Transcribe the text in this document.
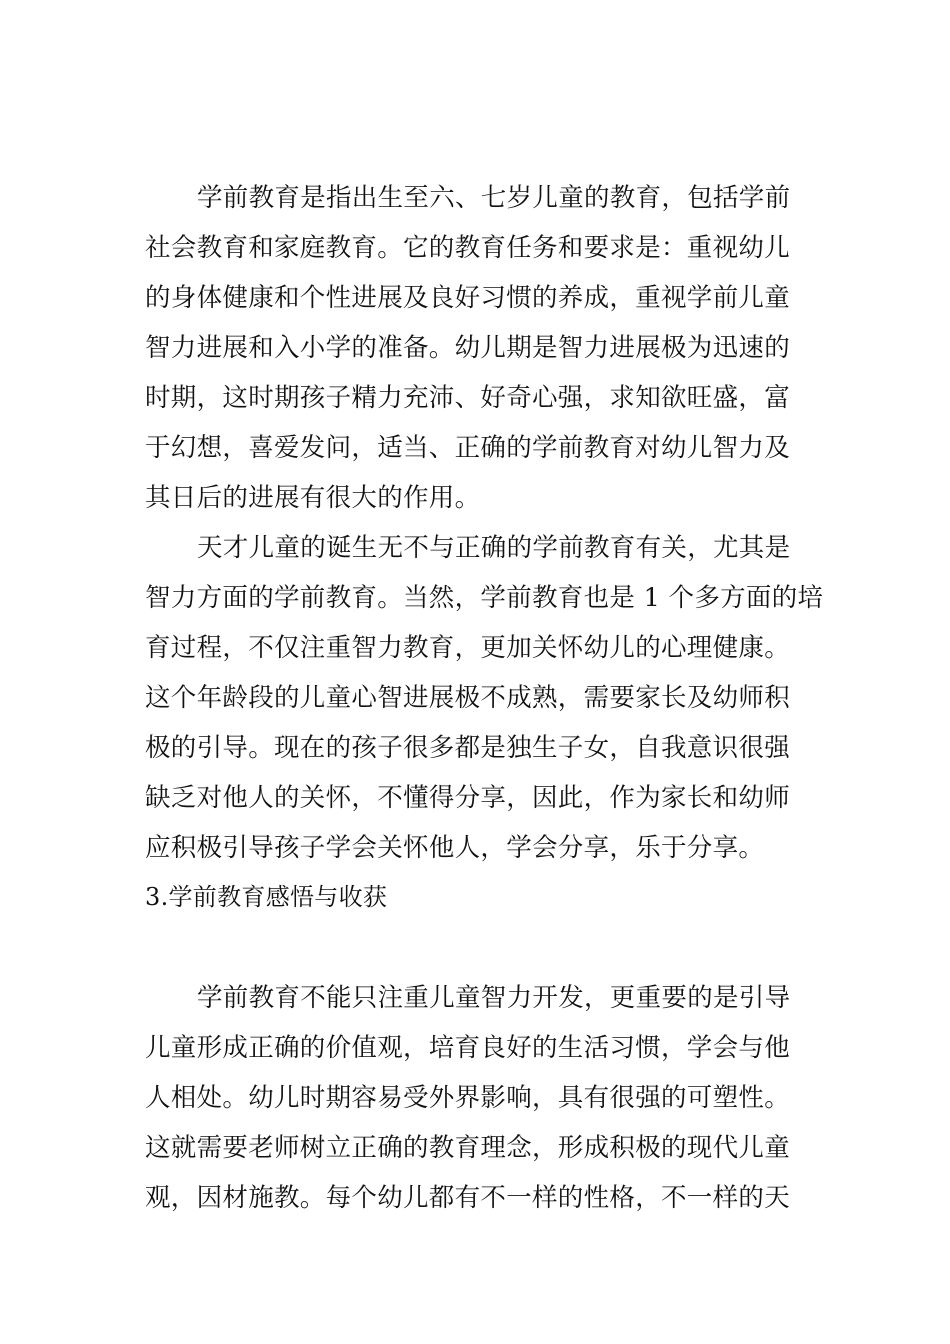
学前教育是指出生至六、七岁儿童的教育，包括学前
社会教育和家庭教育。它的教育任务和要求是：重视幼儿
的身体健康和个性进展及良好习惯的养成，重视学前儿童
智力进展和入小学的准备。幼儿期是智力进展极为迅速的
时期，这时期孩子精力充沛、好奇心强，求知欲旺盛，富
于幻想，喜爱发问，适当、正确的学前教育对幼儿智力及
其日后的进展有很大的作用。
天才儿童的诞生无不与正确的学前教育有关，尤其是
智力方面的学前教育。当然，学前教育也是 1 个多方面的培
育过程，不仅注重智力教育，更加关怀幼儿的心理健康。
这个年龄段的儿童心智进展极不成熟，需要家长及幼师积
极的引导。现在的孩子很多都是独生子女，自我意识很强
缺乏对他人的关怀，不懂得分享，因此，作为家长和幼师
应积极引导孩子学会关怀他人，学会分享，乐于分享。
3.学前教育感悟与收获
学前教育不能只注重儿童智力开发，更重要的是引导
儿童形成正确的价值观，培育良好的生活习惯，学会与他
人相处。幼儿时期容易受外界影响，具有很强的可塑性。
这就需要老师树立正确的教育理念，形成积极的现代儿童
观，因材施教。每个幼儿都有不一样的性格，不一样的天
